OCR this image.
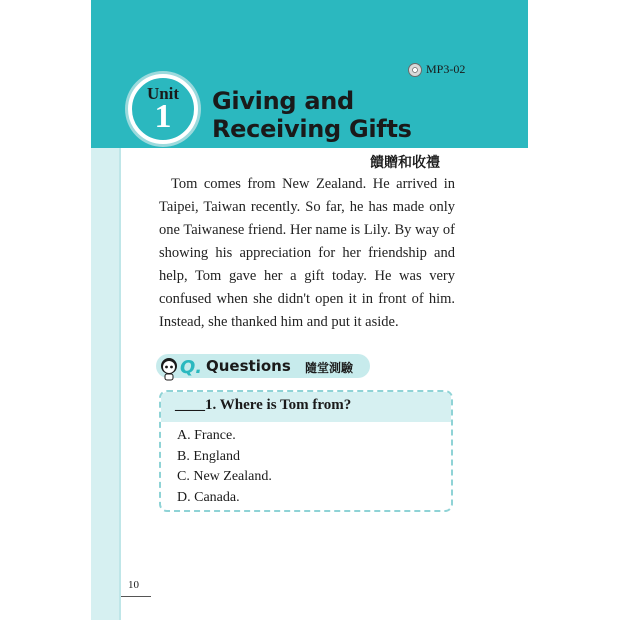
MP3-02
Unit
1	Giving and Receiving Gifts
饋贈和收禮

Tom comes from New Zealand. He arrived in Taipei, Taiwan recently. So far, he has made only one Taiwanese friend. Her name is Lily. By way of showing his appreciation for her friendship and help, Tom gave her a gift today. He was very confused when she didn't open it in front of him. Instead, she thanked him and put it aside.

Q. Questions 隨堂測驗
____1. Where is Tom from?
A. France.
B. England
C. New Zealand.
D. Canada.
10
